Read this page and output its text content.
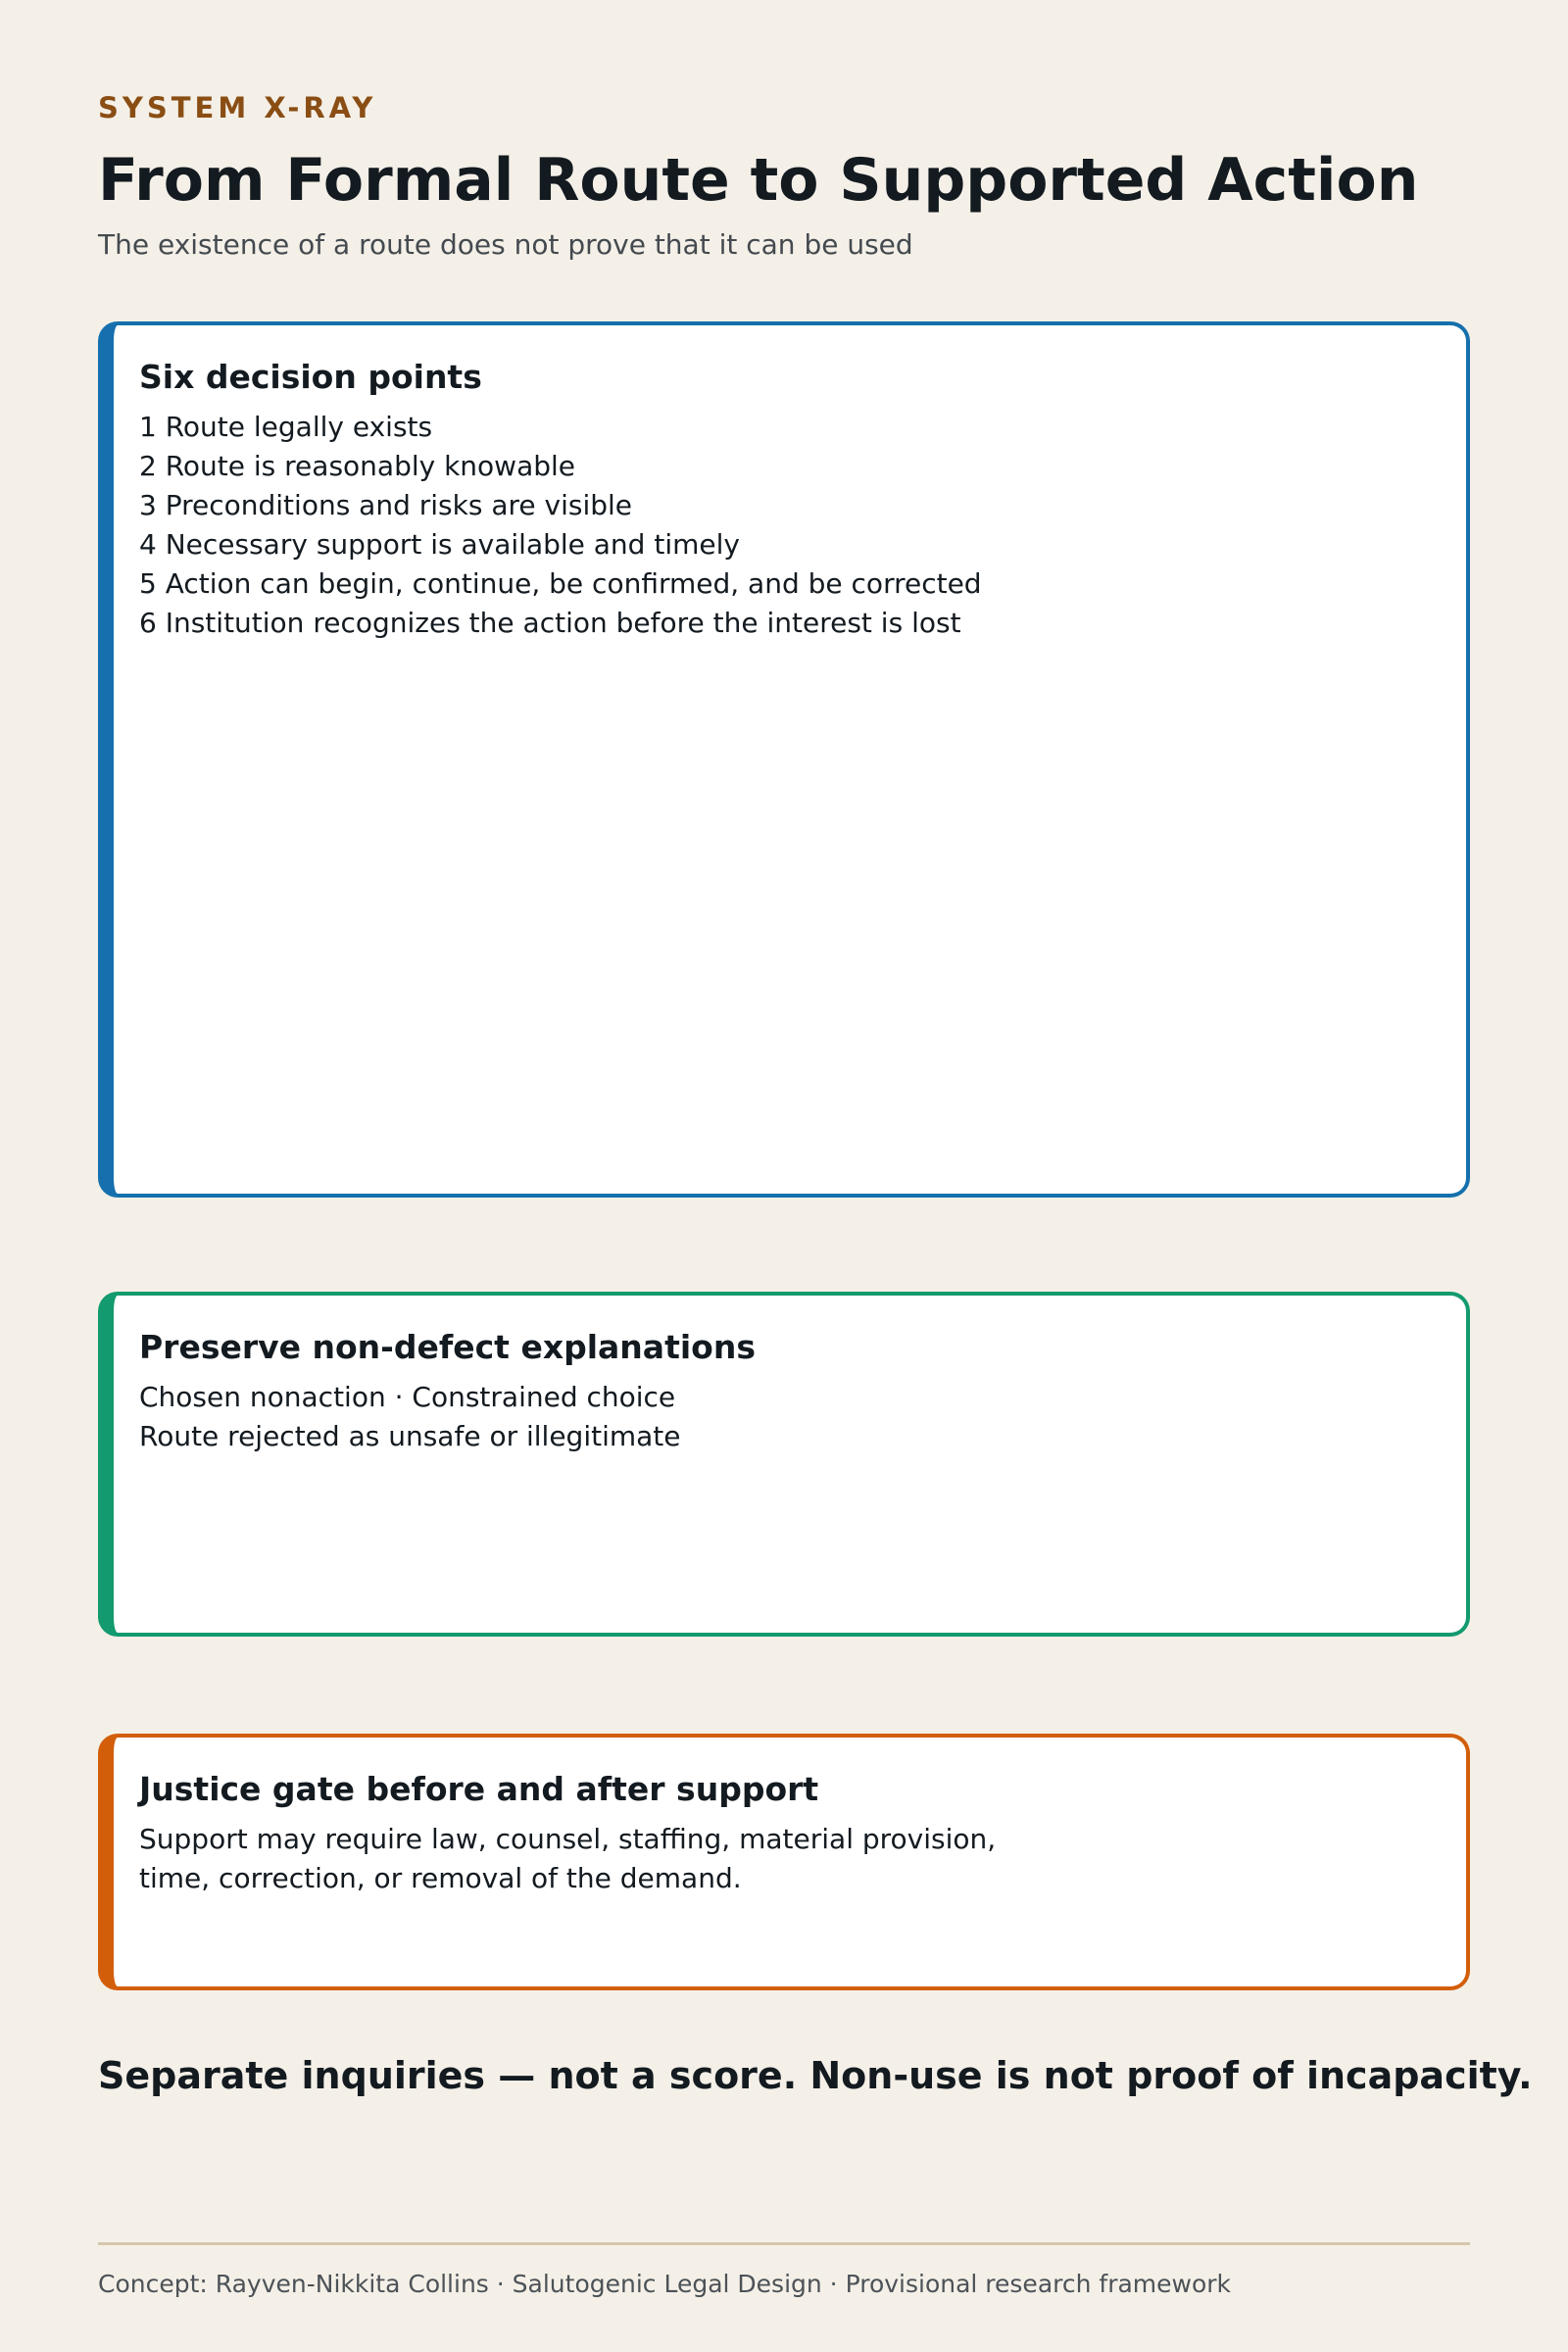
SYSTEM X-RAY
From Formal Route to Supported Action
The existence of a route does not prove that it can be used
Six decision points
1 Route legally exists
2 Route is reasonably knowable
3 Preconditions and risks are visible
4 Necessary support is available and timely
5 Action can begin, continue, be confirmed, and be corrected
6 Institution recognizes the action before the interest is lost
Preserve non-defect explanations
Chosen nonaction · Constrained choice
Route rejected as unsafe or illegitimate
Justice gate before and after support
Support may require law, counsel, staffing, material provision,
time, correction, or removal of the demand.
Separate inquiries — not a score. Non-use is not proof of incapacity.
Concept: Rayven-Nikkita Collins · Salutogenic Legal Design · Provisional research framework
